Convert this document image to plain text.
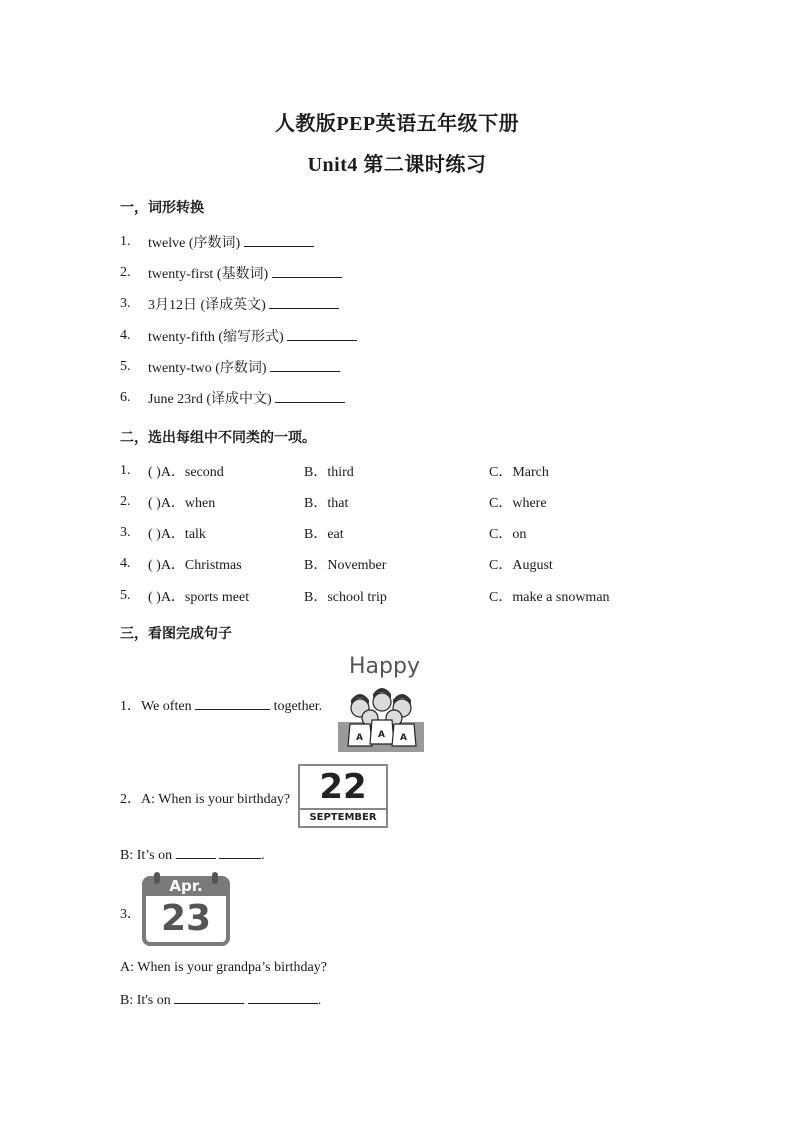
人教版PEP英语五年级下册
Unit4 第二课时练习
一，词形转换
1. twelve (序数词)
2. twenty-first (基数词)
3. 3月12日 (译成英文)
4. twenty-fifth (缩写形式)
5. twenty-two (序数词)
6. June 23rd (译成中文)
二，选出每组中不同类的一项。
1. ( )A．second	B．third	C．March
2. ( )A．when	B．that	C．where
3. ( )A．talk	B．eat	C．on
4. ( )A．Christmas	B．November	C．August
5. ( )A．sports meet	B．school trip	C．make a snowman
三，看图完成句子
Happy
A A A
1．We often	together.
2．A: When is your birthday? 22
SEPTEMBER
B: It’s on	.
3．
Apr.
23
A: When is your grandpa’s birthday?
B: It's on	.
